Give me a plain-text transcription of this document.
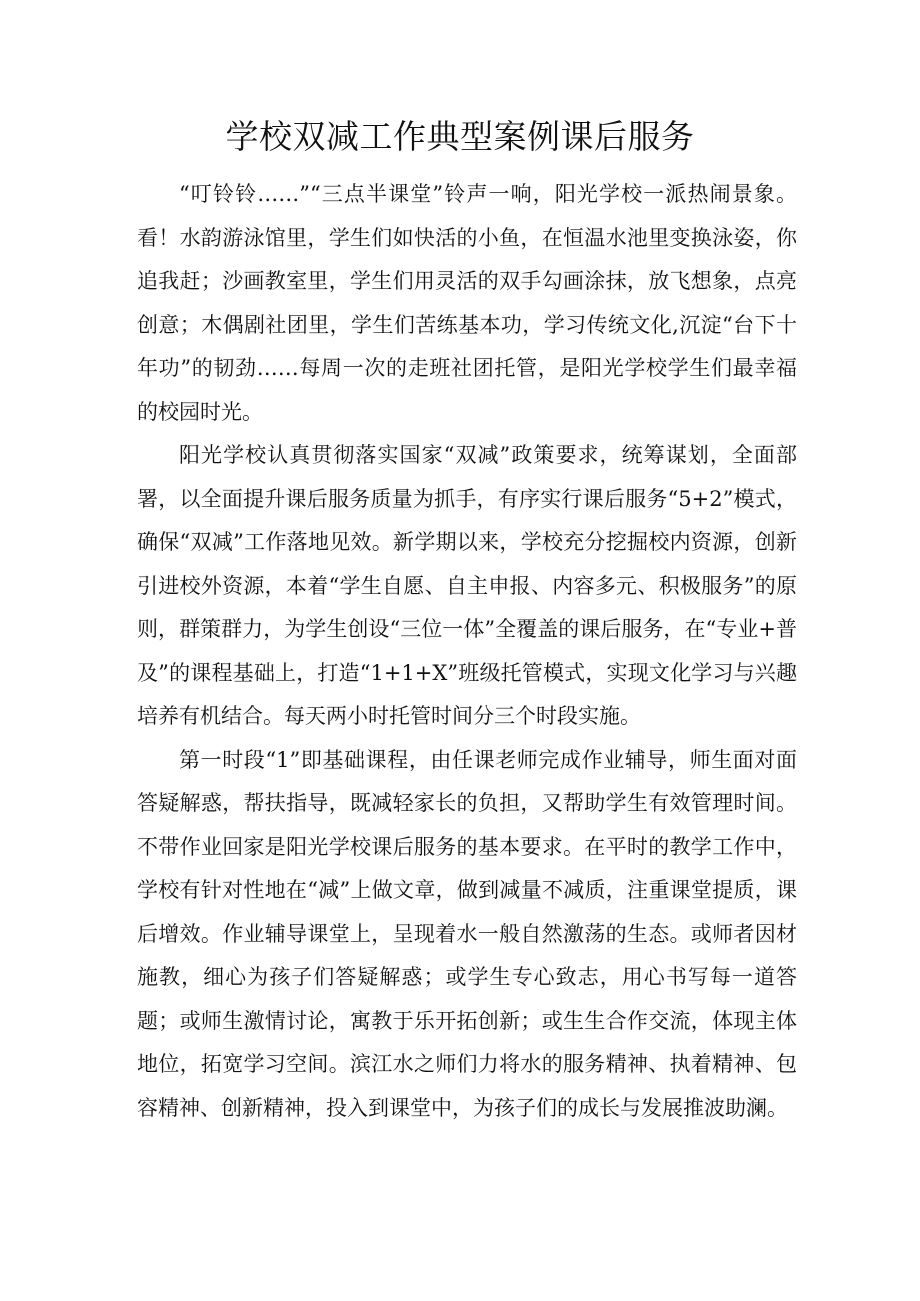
学校双减工作典型案例课后服务

“叮铃铃……”“三点半课堂”铃声一响，阳光学校一派热闹景象。看！水韵游泳馆里，学生们如快活的小鱼，在恒温水池里变换泳姿，你追我赶；沙画教室里，学生们用灵活的双手勾画涂抹，放飞想象，点亮创意；木偶剧社团里，学生们苦练基本功，学习传统文化,沉淀“台下十年功”的韧劲……每周一次的走班社团托管，是阳光学校学生们最幸福的校园时光。

阳光学校认真贯彻落实国家“双减”政策要求，统筹谋划，全面部署，以全面提升课后服务质量为抓手，有序实行课后服务“5+2”模式，确保“双减”工作落地见效。新学期以来，学校充分挖掘校内资源，创新引进校外资源，本着“学生自愿、自主申报、内容多元、积极服务”的原则，群策群力，为学生创设“三位一体”全覆盖的课后服务，在“专业+普及”的课程基础上，打造“1+1+X”班级托管模式，实现文化学习与兴趣培养有机结合。每天两小时托管时间分三个时段实施。

第一时段“1”即基础课程，由任课老师完成作业辅导，师生面对面答疑解惑，帮扶指导，既减轻家长的负担，又帮助学生有效管理时间。不带作业回家是阳光学校课后服务的基本要求。在平时的教学工作中，学校有针对性地在“减”上做文章，做到减量不减质，注重课堂提质，课后增效。作业辅导课堂上，呈现着水一般自然激荡的生态。或师者因材施教，细心为孩子们答疑解惑；或学生专心致志，用心书写每一道答题；或师生激情讨论，寓教于乐开拓创新；或生生合作交流，体现主体地位，拓宽学习空间。滨江水之师们力将水的服务精神、执着精神、包容精神、创新精神，投入到课堂中，为孩子们的成长与发展推波助澜。
